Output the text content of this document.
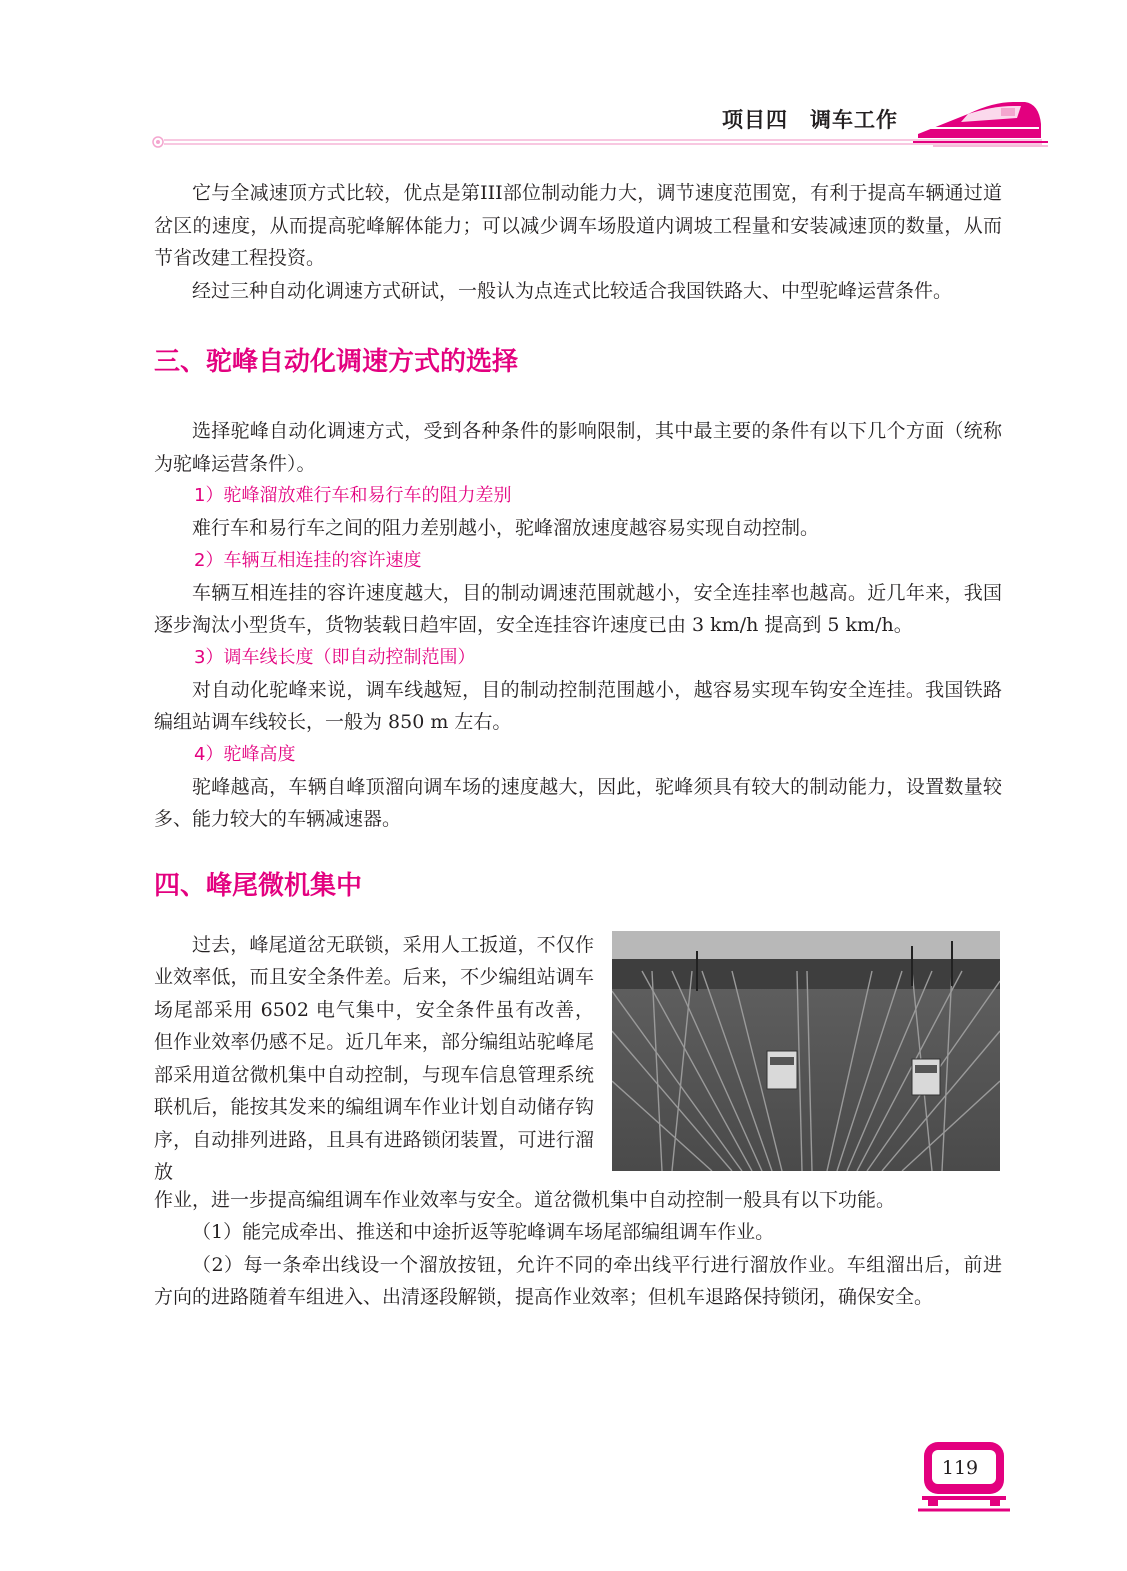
项目四　调车工作

它与全减速顶方式比较，优点是第III部位制动能力大，调节速度范围宽，有利于提高车辆通过道岔区的速度，从而提高驼峰解体能力；可以减少调车场股道内调坡工程量和安装减速顶的数量，从而节省改建工程投资。

经过三种自动化调速方式研试，一般认为点连式比较适合我国铁路大、中型驼峰运营条件。

三、驼峰自动化调速方式的选择

选择驼峰自动化调速方式，受到各种条件的影响限制，其中最主要的条件有以下几个方面（统称为驼峰运营条件）。

1）驼峰溜放难行车和易行车的阻力差别

难行车和易行车之间的阻力差别越小，驼峰溜放速度越容易实现自动控制。

2）车辆互相连挂的容许速度

车辆互相连挂的容许速度越大，目的制动调速范围就越小，安全连挂率也越高。近几年来，我国逐步淘汰小型货车，货物装载日趋牢固，安全连挂容许速度已由 3 km/h 提高到 5 km/h。

3）调车线长度（即自动控制范围）

对自动化驼峰来说，调车线越短，目的制动控制范围越小，越容易实现车钩安全连挂。我国铁路编组站调车线较长，一般为 850 m 左右。

4）驼峰高度

驼峰越高，车辆自峰顶溜向调车场的速度越大，因此，驼峰须具有较大的制动能力，设置数量较多、能力较大的车辆减速器。

四、峰尾微机集中

过去，峰尾道岔无联锁，采用人工扳道，不仅作业效率低，而且安全条件差。后来，不少编组站调车场尾部采用 6502 电气集中，安全条件虽有改善，但作业效率仍感不足。近几年来，部分编组站驼峰尾部采用道岔微机集中自动控制，与现车信息管理系统联机后，能按其发来的编组调车作业计划自动储存钩序，自动排列进路，且具有进路锁闭装置，可进行溜放

作业，进一步提高编组调车作业效率与安全。道岔微机集中自动控制一般具有以下功能。

（1）能完成牵出、推送和中途折返等驼峰调车场尾部编组调车作业。

（2）每一条牵出线设一个溜放按钮，允许不同的牵出线平行进行溜放作业。车组溜出后，前进方向的进路随着车组进入、出清逐段解锁，提高作业效率；但机车退路保持锁闭，确保安全。

119
